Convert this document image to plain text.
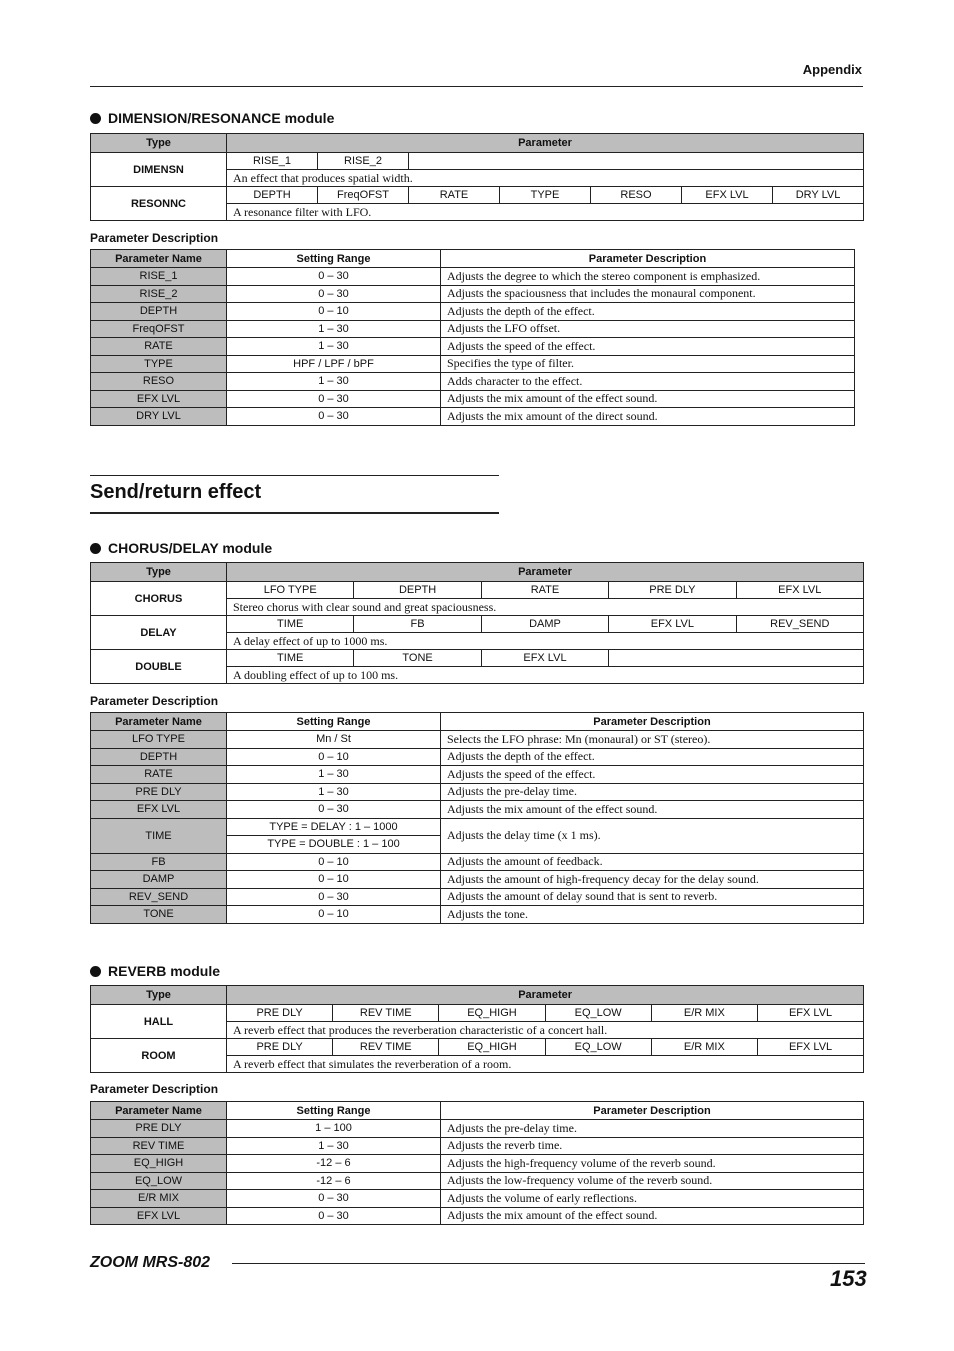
Appendix
DIMENSION/RESONANCE module
Type	Parameter						
DIMENSN	RISE_1	RISE_2					
	An effect that produces spatial width.						
RESONNC	DEPTH	FreqOFST	RATE	TYPE	RESO	EFX LVL	DRY LVL
	A resonance filter with LFO.						
Parameter Description
Parameter Name	Setting Range	Parameter Description
RISE_1	0 – 30	Adjusts the degree to which the stereo component is emphasized.
RISE_2	0 – 30	Adjusts the spaciousness that includes the monaural component.
DEPTH	0 – 10	Adjusts the depth of the effect.
FreqOFST	1 – 30	Adjusts the LFO offset.
RATE	1 – 30	Adjusts the speed of the effect.
TYPE	HPF / LPF / bPF	Specifies the type of filter.
RESO	1 – 30	Adds character to the effect.
EFX LVL	0 – 30	Adjusts the mix amount of the effect sound.
DRY LVL	0 – 30	Adjusts the mix amount of the direct sound.
Send/return effect
CHORUS/DELAY module
Type	Parameter				
CHORUS	LFO TYPE	DEPTH	RATE	PRE DLY	EFX LVL
	Stereo chorus with clear sound and great spaciousness.				
DELAY	TIME	FB	DAMP	EFX LVL	REV_SEND
	A delay effect of up to 1000 ms.				
DOUBLE	TIME	TONE	EFX LVL		
	A doubling effect of up to 100 ms.				
Parameter Description
Parameter Name	Setting Range	Parameter Description
LFO TYPE	Mn / St	Selects the LFO phrase: Mn (monaural) or ST (stereo).
DEPTH	0 – 10	Adjusts the depth of the effect.
RATE	1 – 30	Adjusts the speed of the effect.
PRE DLY	1 – 30	Adjusts the pre-delay time.
EFX LVL	0 – 30	Adjusts the mix amount of the effect sound.
TIME	TYPE = DELAY : 1 – 1000	Adjusts the delay time (x 1 ms).
	TYPE = DOUBLE : 1 – 100	
FB	0 – 10	Adjusts the amount of feedback.
DAMP	0 – 10	Adjusts the amount of high-frequency decay for the delay sound.
REV_SEND	0 – 30	Adjusts the amount of delay sound that is sent to reverb.
TONE	0 – 10	Adjusts the tone.
REVERB module
Type	Parameter					
HALL	PRE DLY	REV TIME	EQ_HIGH	EQ_LOW	E/R MIX	EFX LVL
	A reverb effect that produces the reverberation characteristic of a concert hall.					
ROOM	PRE DLY	REV TIME	EQ_HIGH	EQ_LOW	E/R MIX	EFX LVL
	A reverb effect that simulates the reverberation of a room.					
Parameter Description
Parameter Name	Setting Range	Parameter Description
PRE DLY	1 – 100	Adjusts the pre-delay time.
REV TIME	1 – 30	Adjusts the reverb time.
EQ_HIGH	-12 – 6	Adjusts the high-frequency volume of the reverb sound.
EQ_LOW	-12 – 6	Adjusts the low-frequency volume of the reverb sound.
E/R MIX	0 – 30	Adjusts the volume of early reflections.
EFX LVL	0 – 30	Adjusts the mix amount of the effect sound.
ZOOM MRS-802
153
